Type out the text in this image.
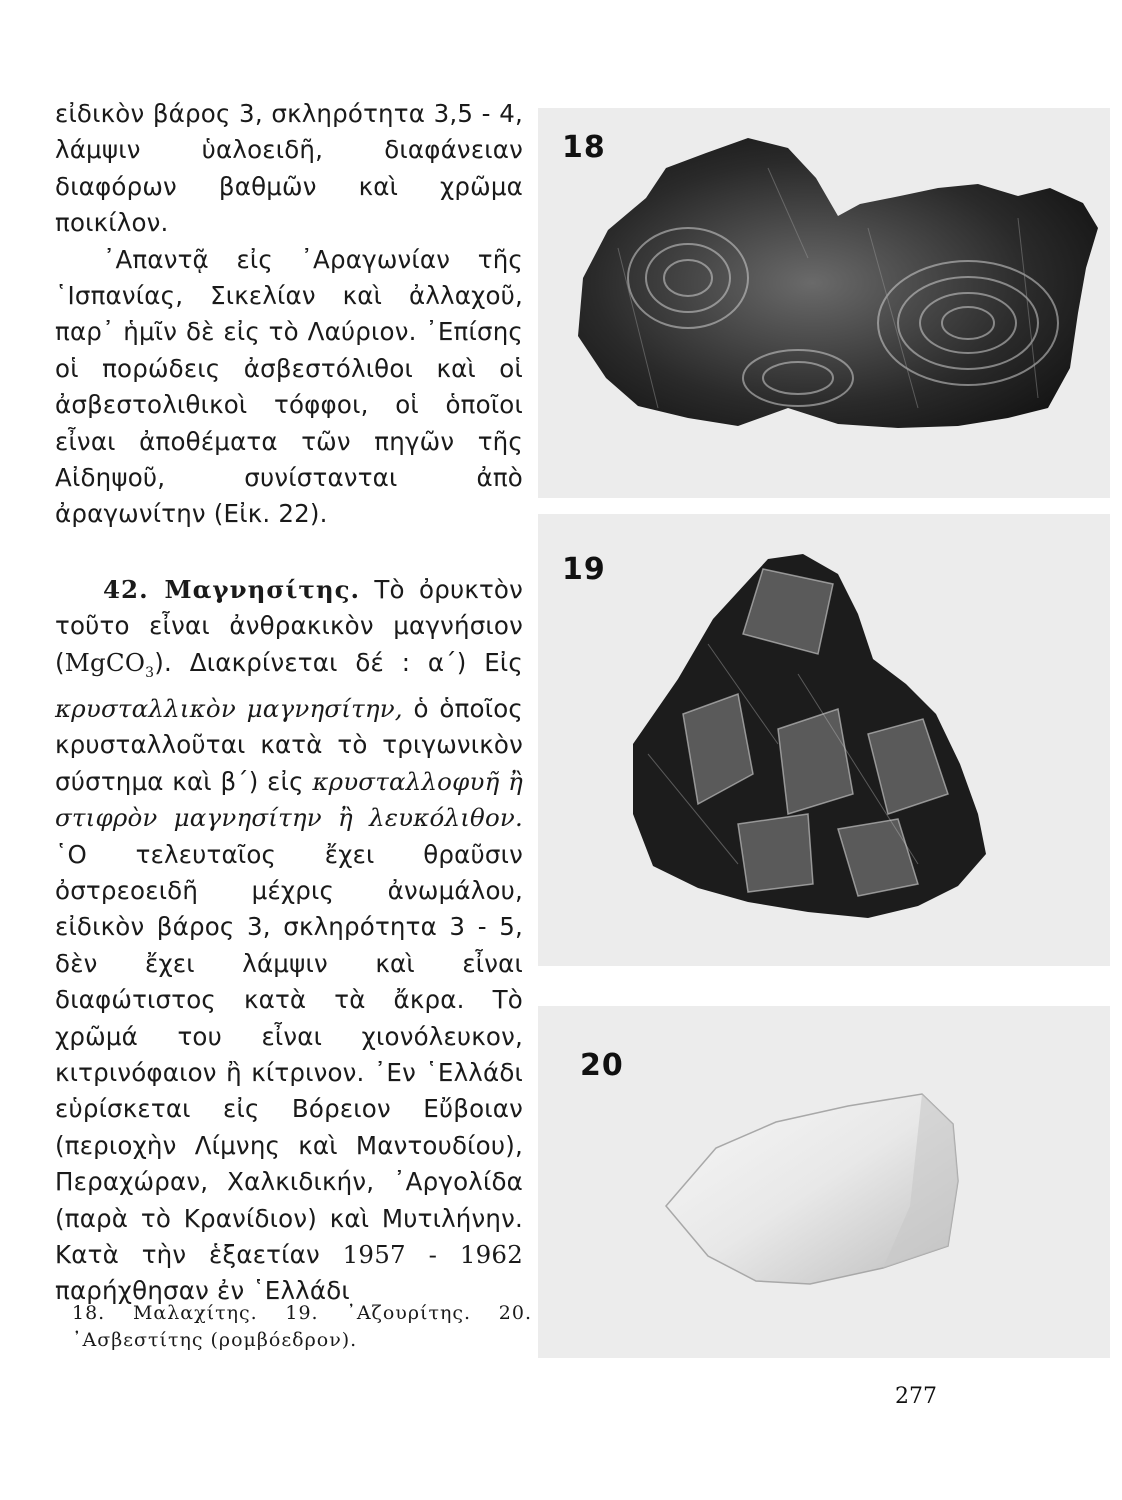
εἰδικὸν βάρος 3, σκληρότητα 3,5 - 4, λάμψιν ὑαλοειδῆ, διαφάνειαν διαφόρων βαθμῶν καὶ χρῶμα ποικίλον.

᾿Απαντᾷ εἰς ᾿Αραγωνίαν τῆς ῾Ισπανίας, Σικελίαν καὶ ἀλλαχοῦ, παρ᾿ ἡμῖν δὲ εἰς τὸ Λαύριον. ᾿Επίσης οἱ πορώδεις ἀσβεστόλιθοι καὶ οἱ ἀσβεστολιθικοὶ τόφφοι, οἱ ὁποῖοι εἶναι ἀποθέματα τῶν πηγῶν τῆς Αἰδηψοῦ, συνίστανται ἀπὸ ἀραγωνίτην (Εἰκ. 22).

42. Μαγνησίτης. Τὸ ὀρυκτὸν τοῦτο εἶναι ἀνθρακικὸν μαγνήσιον (MgCO$_3$). Διακρίνεται δέ : α΄) Εἰς κρυσταλλικὸν μαγνησίτην, ὁ ὁποῖος κρυσταλλοῦται κατὰ τὸ τριγωνικὸν σύστημα καὶ β΄) εἰς κρυσταλλοφυῆ ἢ στιφρὸν μαγνησίτην ἢ λευκόλιθον. ῾Ο τελευταῖος ἔχει θραῦσιν ὀστρεοειδῆ μέχρις ἀνωμάλου, εἰδικὸν βάρος 3, σκληρότητα 3 - 5, δὲν ἔχει λάμψιν καὶ εἶναι διαφώτιστος κατὰ τὰ ἄκρα. Τὸ χρῶμά του εἶναι χιονόλευκον, κιτρινόφαιον ἢ κίτρινον. ᾿Εν ῾Ελλάδι εὑρίσκεται εἰς Βόρειον Εὔβοιαν (περιοχὴν Λίμνης καὶ Μαντουδίου), Περαχώραν, Χαλκιδικήν, ᾿Αργολίδα (παρὰ τὸ Κρανίδιον) καὶ Μυτιλήνην. Κατὰ τὴν ἑξαετίαν 1957 - 1962 παρήχθησαν ἐν ῾Ελλάδι

18. Μαλαχίτης. 19. ᾿Αζουρίτης. 20.

᾿Ασβεστίτης (ρομβόεδρον).

18
19
20
277
